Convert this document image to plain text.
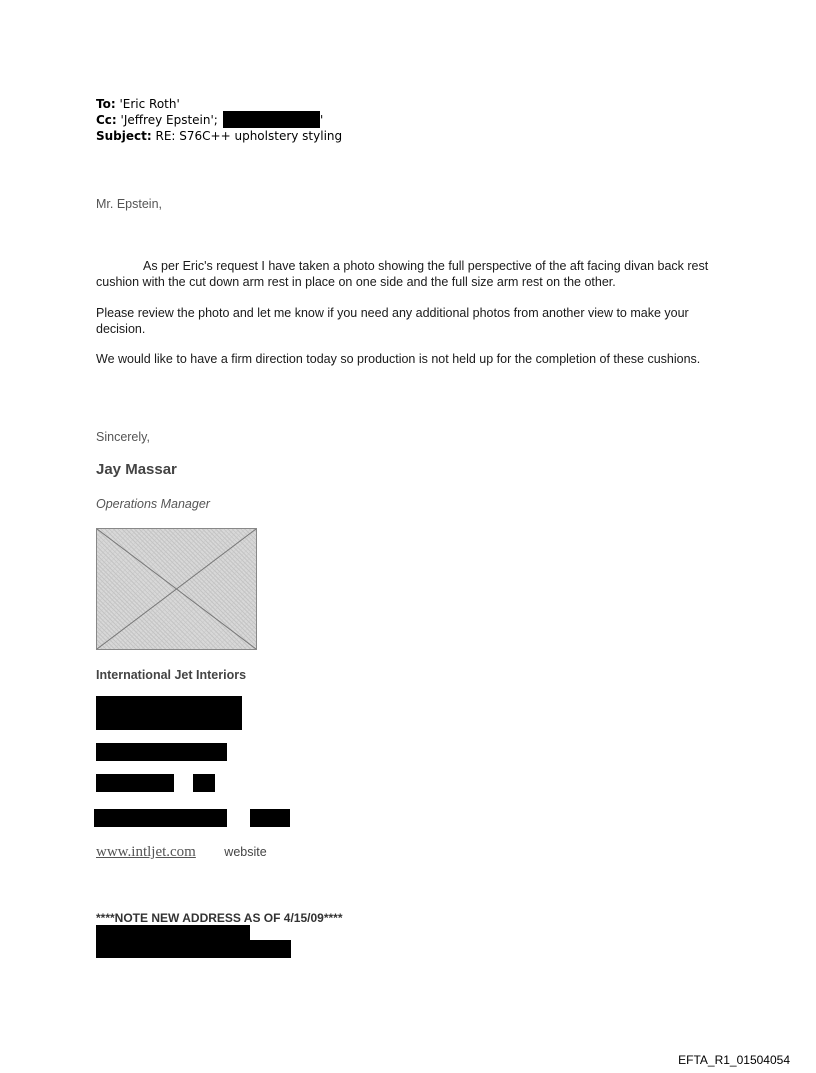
To: 'Eric Roth'
Cc: 'Jeffrey Epstein';	'
Subject: RE: S76C++ upholstery styling
Mr. Epstein,
As per Eric's request I have taken a photo showing the full perspective of the aft facing divan back rest cushion with the cut down arm rest in place on one side and the full size arm rest on the other.
Please review the photo and let me know if you need any additional photos from another view to make your decision.
We would like to have a firm direction today so production is not held up for the completion of these cushions.
Sincerely,
Jay Massar
Operations Manager
International Jet Interiors
www.intljet.com website
****NOTE NEW ADDRESS AS OF 4/15/09****
EFTA_R1_01504054
